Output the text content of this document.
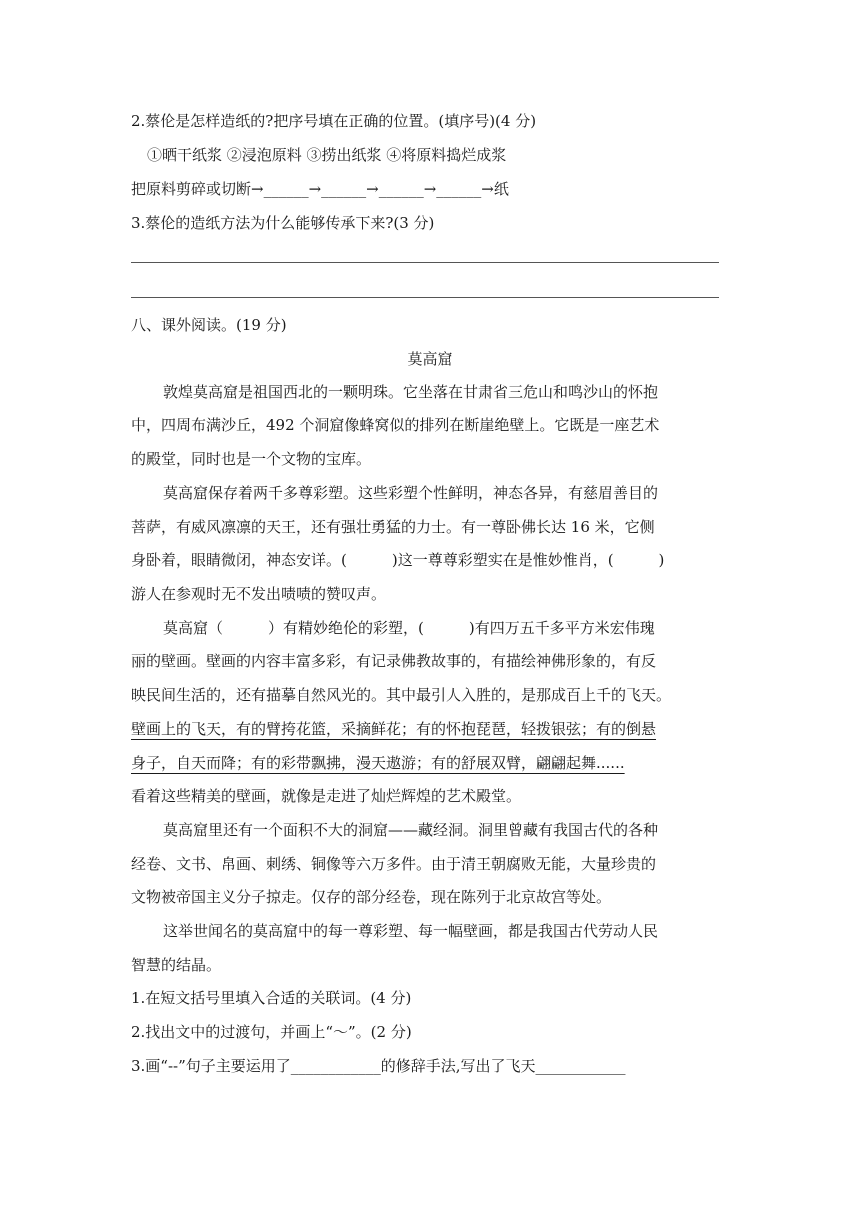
2.蔡伦是怎样造纸的?把序号填在正确的位置。(填序号)(4 分)
①晒干纸浆 ②浸泡原料 ③捞出纸浆 ④将原料捣烂成浆
把原料剪碎或切断→______→______→______→______→纸
3.蔡伦的造纸方法为什么能够传承下来?(3 分)
八、课外阅读。(19 分)
莫高窟
敦煌莫高窟是祖国西北的一颗明珠。它坐落在甘肃省三危山和鸣沙山的怀抱
中，四周布满沙丘，492 个洞窟像蜂窝似的排列在断崖绝壁上。它既是一座艺术
的殿堂，同时也是一个文物的宝库。
莫高窟保存着两千多尊彩塑。这些彩塑个性鲜明，神态各异，有慈眉善目的
菩萨，有威风凛凛的天王，还有强壮勇猛的力士。有一尊卧佛长达 16 米，它侧
身卧着，眼睛微闭，神态安详。(　　　)这一尊尊彩塑实在是惟妙惟肖，(　　　)
游人在参观时无不发出啧啧的赞叹声。
莫高窟（　　　）有精妙绝伦的彩塑，(　　　)有四万五千多平方米宏伟瑰
丽的壁画。壁画的内容丰富多彩，有记录佛教故事的，有描绘神佛形象的，有反
映民间生活的，还有描摹自然风光的。其中最引人入胜的，是那成百上千的飞天。
壁画上的飞天，有的臂挎花篮，采摘鲜花；有的怀抱琵琶，轻拨银弦；有的倒悬
身子，自天而降；有的彩带飘拂，漫天遨游；有的舒展双臂，翩翩起舞......
看着这些精美的壁画，就像是走进了灿烂辉煌的艺术殿堂。
莫高窟里还有一个面积不大的洞窟——藏经洞。洞里曾藏有我国古代的各种
经卷、文书、帛画、刺绣、铜像等六万多件。由于清王朝腐败无能，大量珍贵的
文物被帝国主义分子掠走。仅存的部分经卷，现在陈列于北京故宫等处。
这举世闻名的莫高窟中的每一尊彩塑、每一幅壁画，都是我国古代劳动人民
智慧的结晶。
1.在短文括号里填入合适的关联词。(4 分)
2.找出文中的过渡句，并画上“～”。(2 分)
3.画“--”句子主要运用了____________的修辞手法,写出了飞天____________
